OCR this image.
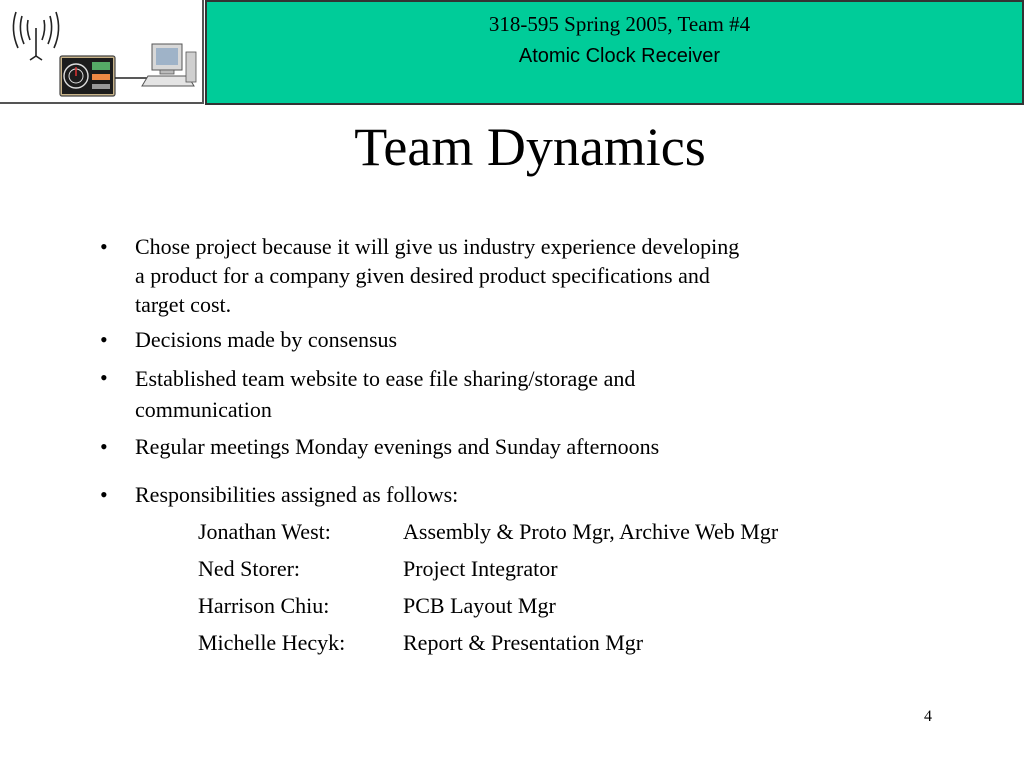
318-595 Spring 2005, Team #4
Atomic Clock Receiver
Team Dynamics
• Chose project because it will give us industry experience developing
a product for a company given desired product specifications and
target cost.
• Decisions made by consensus
• Established team website to ease file sharing/storage and
communication
• Regular meetings Monday evenings and Sunday afternoons
• Responsibilities assigned as follows:
Jonathan West:	Assembly & Proto Mgr, Archive Web Mgr
Ned Storer:	Project Integrator
Harrison Chiu:	PCB Layout Mgr
Michelle Hecyk:	Report & Presentation Mgr
4
